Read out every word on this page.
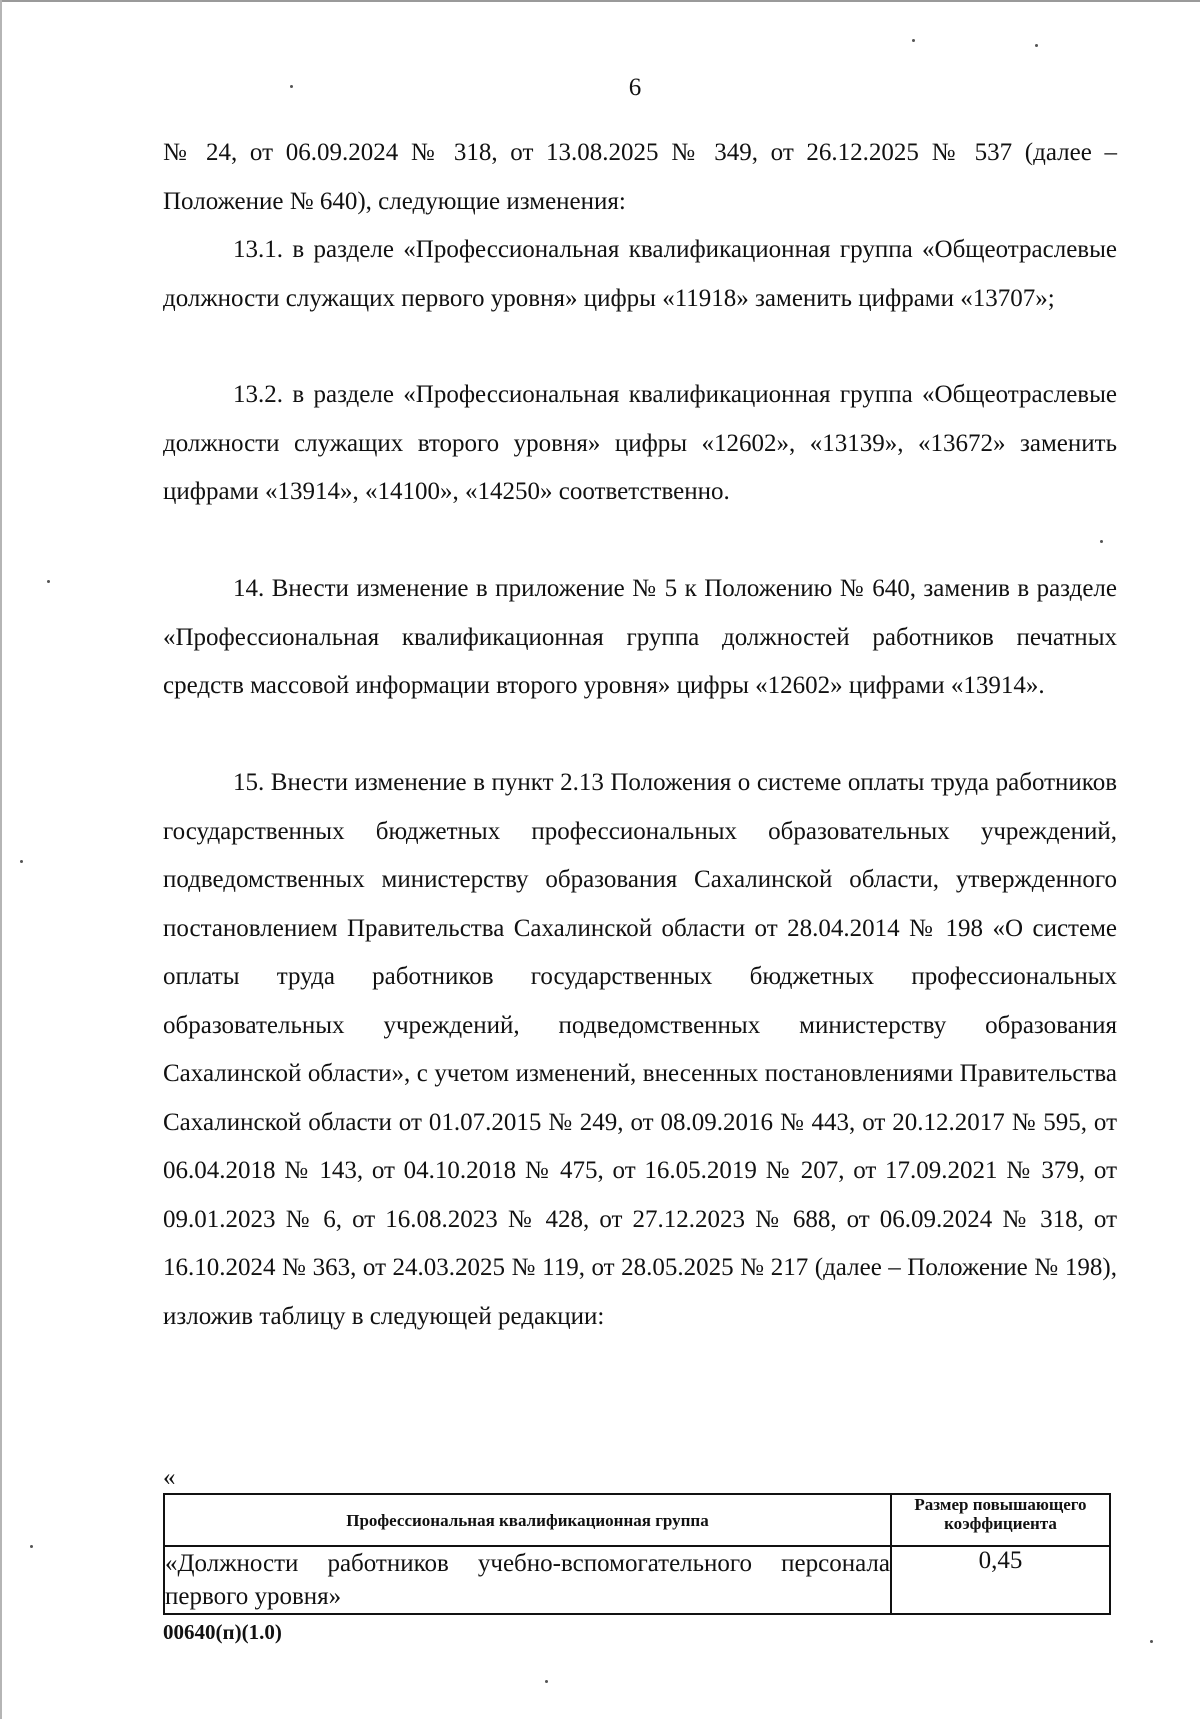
6

№ 24, от 06.09.2024 № 318, от 13.08.2025 № 349, от 26.12.2025 № 537 (далее – Положение № 640), следующие изменения:

13.1. в разделе «Профессиональная квалификационная группа «Общеотраслевые должности служащих первого уровня» цифры «11918» заменить цифрами «13707»;

13.2. в разделе «Профессиональная квалификационная группа «Общеотраслевые должности служащих второго уровня» цифры «12602», «13139», «13672» заменить цифрами «13914», «14100», «14250» соответственно.

14. Внести изменение в приложение № 5 к Положению № 640, заменив в разделе «Профессиональная квалификационная группа должностей работников печатных средств массовой информации второго уровня» цифры «12602» цифрами «13914».

15. Внести изменение в пункт 2.13 Положения о системе оплаты труда работников государственных бюджетных профессиональных образовательных учреждений, подведомственных министерству образования Сахалинской области, утвержденного постановлением Правительства Сахалинской области от 28.04.2014 № 198 «О системе оплаты труда работников государственных бюджетных профессиональных образовательных учреждений, подведомственных министерству образования Сахалинской области», с учетом изменений, внесенных постановлениями Правительства Сахалинской области от 01.07.2015 № 249, от 08.09.2016 № 443, от 20.12.2017 № 595, от 06.04.2018 № 143, от 04.10.2018 № 475, от 16.05.2019 № 207, от 17.09.2021 № 379, от 09.01.2023 № 6, от 16.08.2023 № 428, от 27.12.2023 № 688, от 06.09.2024 № 318, от 16.10.2024 № 363, от 24.03.2025 № 119, от 28.05.2025 № 217 (далее – Положение № 198), изложив таблицу в следующей редакции:

«
Профессиональная квалификационная группа	Размер повышающего коэффициента
«Должности работников учебно-вспомогательного персонала первого уровня»	0,45
00640(п)(1.0)
